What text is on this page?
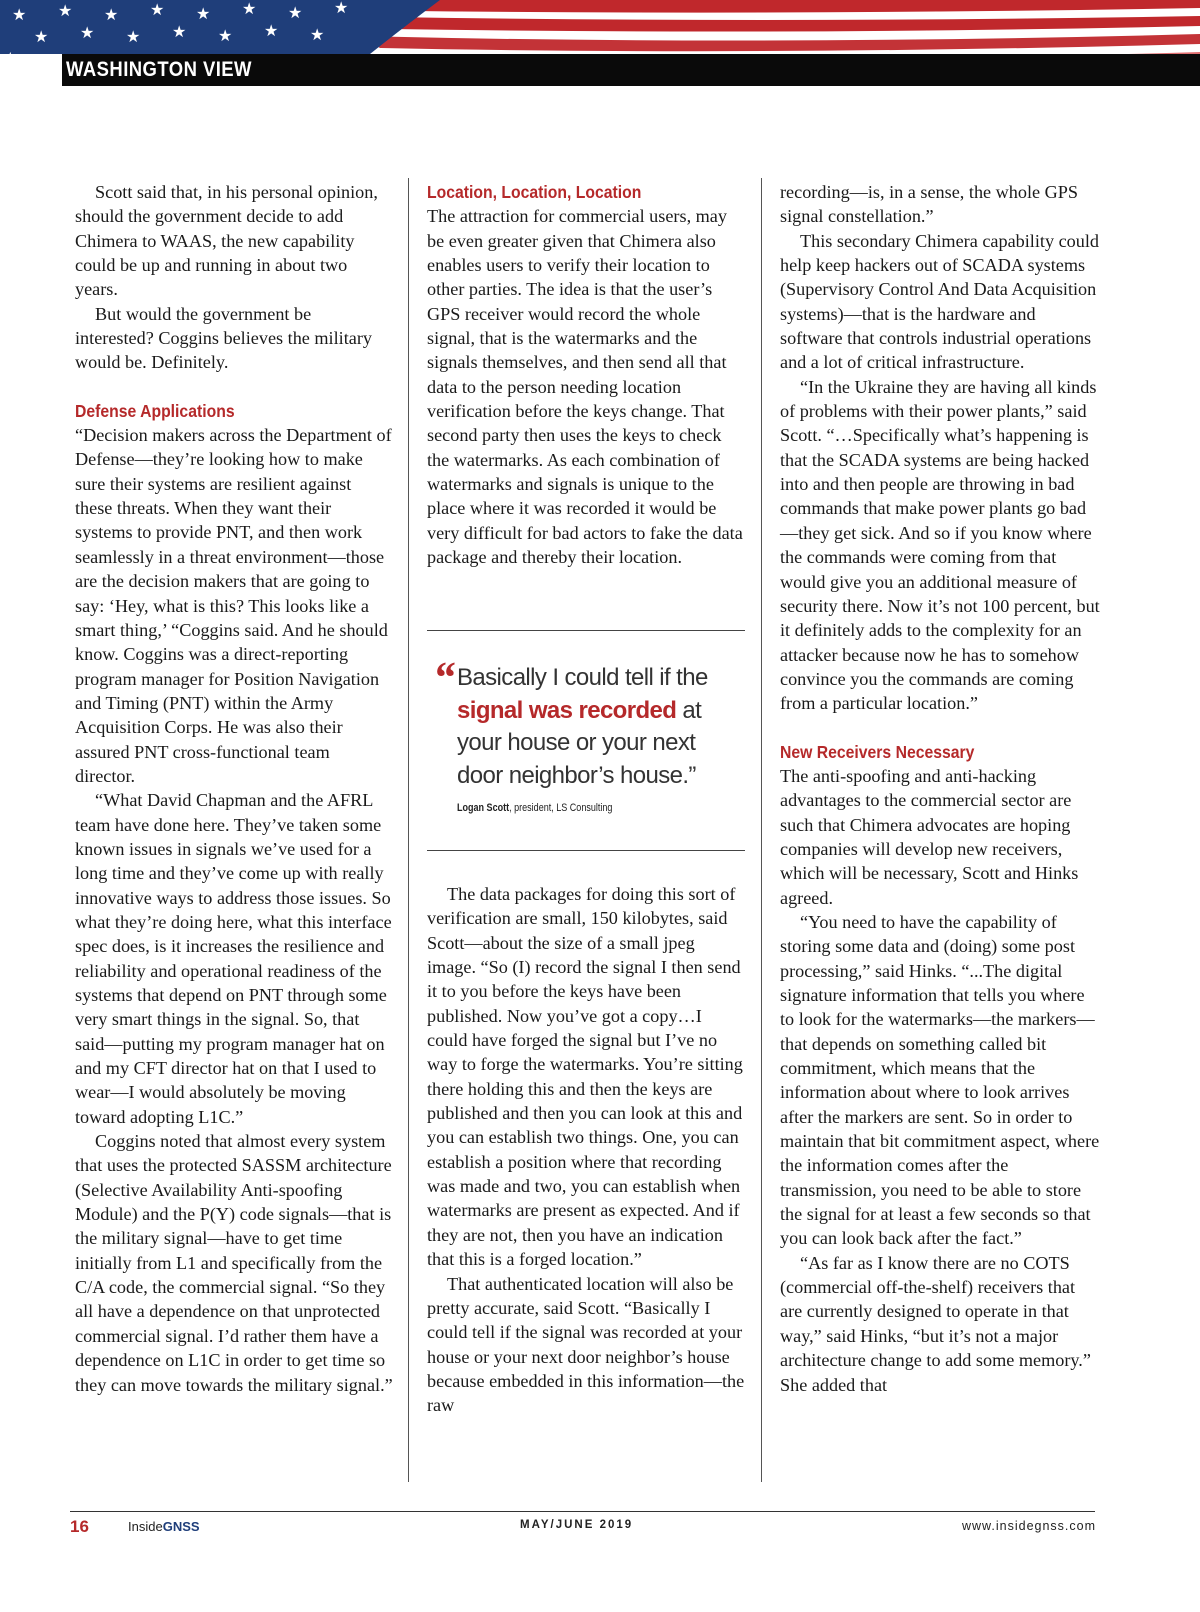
★ ★ ★ ★ ★ ★ ★ ★
★ ★ ★ ★ ★ ★ ★
★ WASHINGTON VIEW

Scott said that, in his personal opinion, should the government decide to add Chimera to WAAS, the new capability could be up and running in about two years.

But would the government be interested? Coggins believes the military would be. Definitely.

Defense Applications

“Decision makers across the Department of Defense—they’re looking how to make sure their systems are resilient against these threats. When they want their systems to provide PNT, and then work seamlessly in a threat environment—those are the decision makers that are going to say: ‘Hey, what is this? This looks like a smart thing,’ “Coggins said. And he should know. Coggins was a direct-reporting program manager for Position Navigation and Timing (PNT) within the Army Acquisition Corps. He was also their assured PNT cross-functional team director.

“What David Chapman and the AFRL team have done here. They’ve taken some known issues in signals we’ve used for a long time and they’ve come up with really innovative ways to address those issues. So what they’re doing here, what this interface spec does, is it increases the resilience and reliability and operational readiness of the systems that depend on PNT through some very smart things in the signal. So, that said—putting my program manager hat on and my CFT director hat on that I used to wear—I would absolutely be moving toward adopting L1C.”

Coggins noted that almost every system that uses the protected SASSM architecture (Selective Availability Anti-spoofing Module) and the P(Y) code signals—that is the military signal—have to get time initially from L1 and specifically from the C/A code, the commercial signal. “So they all have a dependence on that unprotected commercial signal. I’d rather them have a dependence on L1C in order to get time so they can move towards the military signal.”

Location, Location, Location

The attraction for commercial users, may be even greater given that Chimera also enables users to verify their location to other parties. The idea is that the user’s GPS receiver would record the whole signal, that is the watermarks and the signals themselves, and then send all that data to the person needing location verification before the keys change. That second party then uses the keys to check the watermarks. As each combination of watermarks and signals is unique to the place where it was recorded it would be very difficult for bad actors to fake the data package and thereby their location.

“ Basically I could tell if the signal was recorded at your house or your next door neighbor’s house.”
Logan Scott, president, LS Consulting

The data packages for doing this sort of verification are small, 150 kilobytes, said Scott—about the size of a small jpeg image. “So (I) record the signal I then send it to you before the keys have been published. Now you’ve got a copy…I could have forged the signal but I’ve no way to forge the watermarks. You’re sitting there holding this and then the keys are published and then you can look at this and you can establish two things. One, you can establish a position where that recording was made and two, you can establish when watermarks are present as expected. And if they are not, then you have an indication that this is a forged location.”

That authenticated location will also be pretty accurate, said Scott. “Basically I could tell if the signal was recorded at your house or your next door neighbor’s house because embedded in this information—the raw

recording—is, in a sense, the whole GPS signal constellation.”

This secondary Chimera capability could help keep hackers out of SCADA systems (Supervisory Control And Data Acquisition systems)—that is the hardware and software that controls industrial operations and a lot of critical infrastructure.

“In the Ukraine they are having all kinds of problems with their power plants,” said Scott. “…Specifically what’s happening is that the SCADA systems are being hacked into and then people are throwing in bad commands that make power plants go bad—they get sick. And so if you know where the commands were coming from that would give you an additional measure of security there. Now it’s not 100 percent, but it definitely adds to the complexity for an attacker because now he has to somehow convince you the commands are coming from a particular location.”

New Receivers Necessary

The anti-spoofing and anti-hacking advantages to the commercial sector are such that Chimera advocates are hoping companies will develop new receivers, which will be necessary, Scott and Hinks agreed.

“You need to have the capability of storing some data and (doing) some post processing,” said Hinks. “...The digital signature information that tells you where to look for the watermarks—the markers—that depends on something called bit commitment, which means that the information about where to look arrives after the markers are sent. So in order to maintain that bit commitment aspect, where the information comes after the transmission, you need to be able to store the signal for at least a few seconds so that you can look back after the fact.”

“As far as I know there are no COTS (commercial off-the-shelf) receivers that are currently designed to operate in that way,” said Hinks, “but it’s not a major architecture change to add some memory.” She added that

16	InsideGNSS	MAY/JUNE 2019	www.insidegnss.com
